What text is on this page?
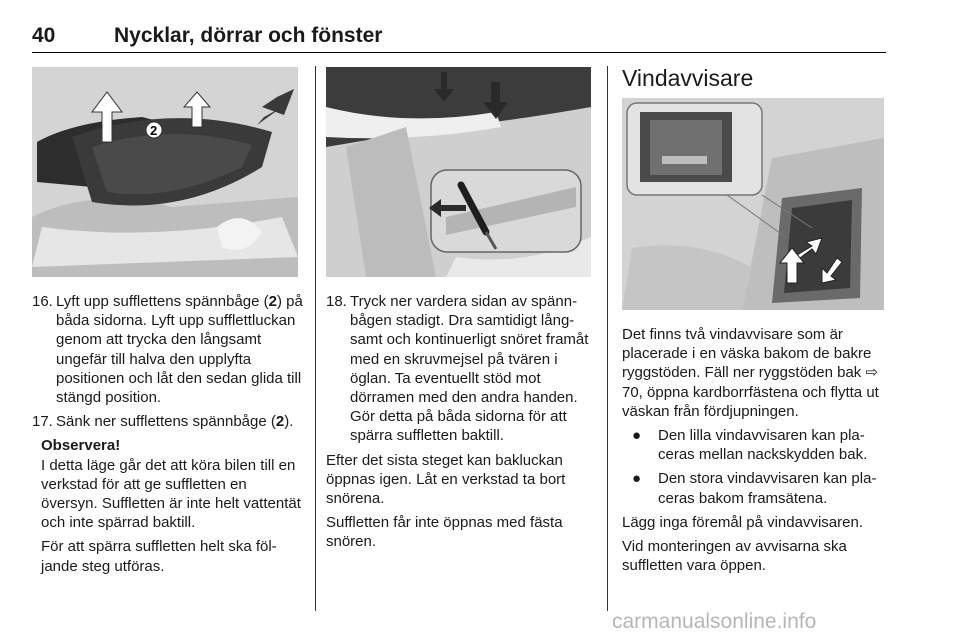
40	Nycklar, dörrar och fönster
2
16. Lyft upp sufflettens spännbåge (2) på båda sidorna. Lyft upp sufflettluckan genom att trycka den långsamt ungefär till halva den upplyfta positionen och låt den sedan glida till stängd position.
17. Sänk ner sufflettens spännbåge (2).
Observera!

I detta läge går det att köra bilen till en verkstad för att ge suffletten en översyn. Suffletten är inte helt vattentät och inte spärrad baktill.

För att spärra suffletten helt ska följande steg utföras.

18. Tryck ner vardera sidan av spännbågen stadigt. Dra samtidigt långsamt och kontinuerligt snöret framåt med en skruvmejsel på tvären i öglan. Ta eventuellt stöd mot dörramen med den andra handen. Gör detta på båda sidorna för att spärra suffletten baktill.

Efter det sista steget kan bakluckan öppnas igen. Låt en verkstad ta bort snörena.

Suffletten får inte öppnas med fästa snören.

Vindavvisare

Det finns två vindavvisare som är placerade i en väska bakom de bakre ryggstöden. Fäll ner ryggstöden bak ⇨ 70, öppna kardborrfästena och flytta ut väskan från fördjupningen.

● Den lilla vindavvisaren kan placeras mellan nackskydden bak.
● Den stora vindavvisaren kan placeras bakom framsätena.

Lägg inga föremål på vindavvisaren.

Vid monteringen av avvisarna ska suffletten vara öppen.

carmanualsonline.info
